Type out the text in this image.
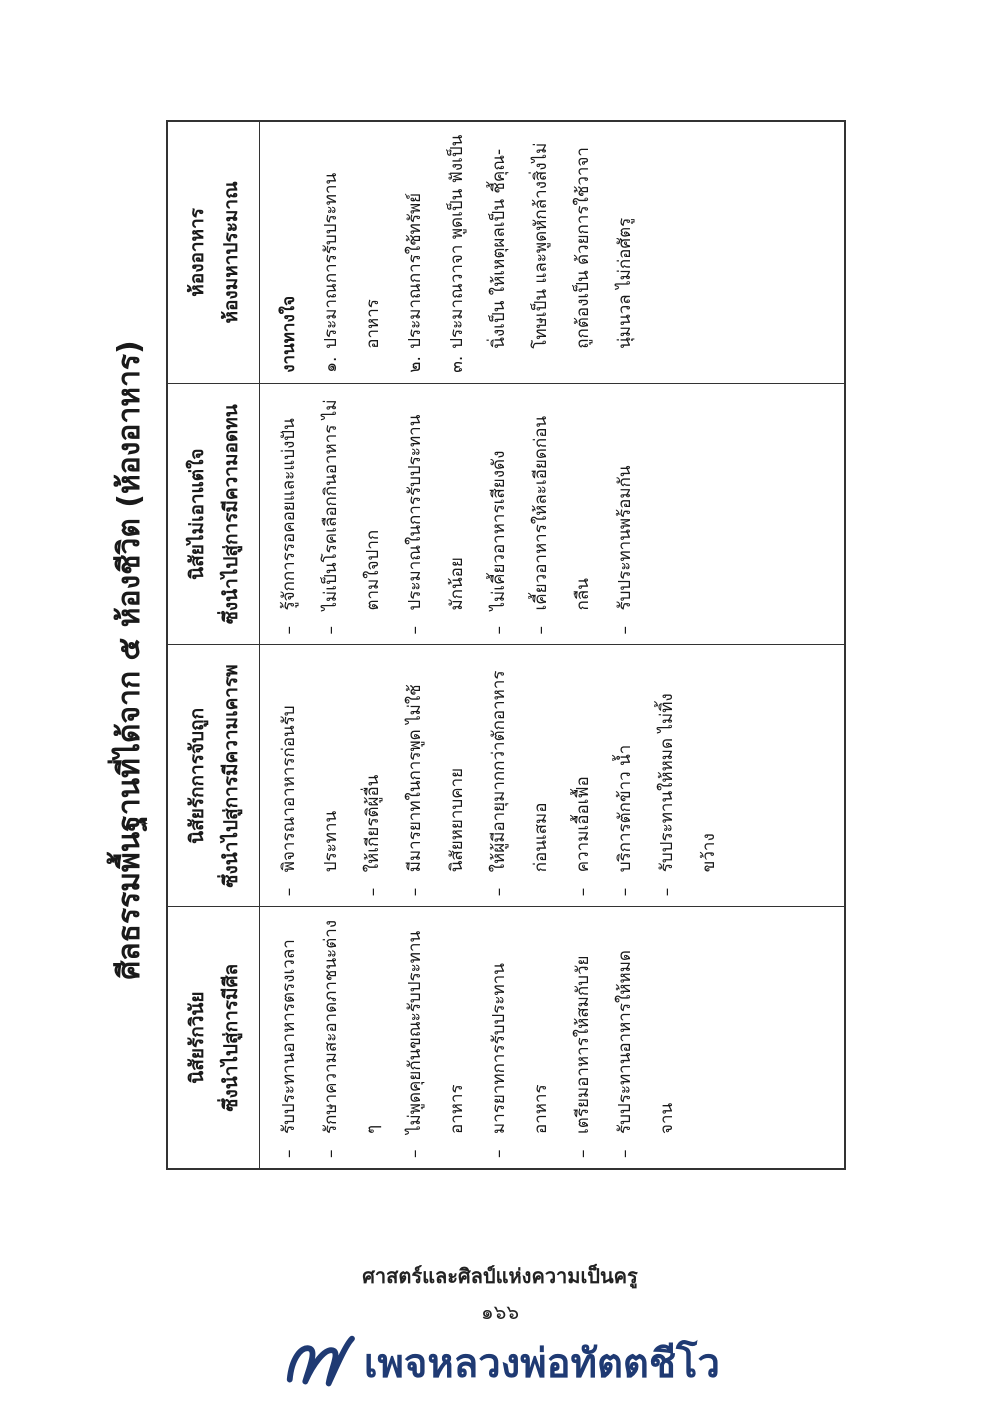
ศีลธรรมพื้นฐานที่ได้จาก ๕ ห้องชีวิต (ห้องอาหาร)
นิสัยรักวินัย ซึ่งนำไปสู่การมีศีล
–
รับประทานอาหารตรงเวลา
–
รักษาความสะอาดภาชนะต่าง ๆ
–
ไม่พูดคุยกันขณะรับประทานอาหาร
–
มารยาทการรับประทานอาหาร
–
เตรียมอาหารให้สมกับวัย
–
รับประทานอาหารให้หมดจาน
นิสัยรักการจับถูก ซึ่งนำไปสู่การมีความเคารพ
–
พิจารณาอาหารก่อนรับประทาน
–
ให้เกียรติผู้อื่น
–
มีมารยาทในการพูด ไม่ใช้นิสัยหยาบคาย
–
ให้ผู้มีอายุมากกว่าตักอาหารก่อนเสมอ
–
ความเอื้อเฟื้อ
–
บริการตักข้าว น้ำ
–
รับประทานให้หมด ไม่ทิ้งขว้าง
นิสัยไม่เอาแต่ใจ ซึ่งนำไปสู่การมีความอดทน
–
รู้จักการรอคอยและแบ่งปัน
–
ไม่เป็นโรคเลือกกินอาหาร ไม่ตามใจปาก
–
ประมาณในการรับประทานมักน้อย
–
ไม่เคี้ยวอาหารเสียงดัง
–
เคี้ยวอาหารให้ละเอียดก่อนกลืน
–
รับประทานพร้อมกัน
ห้องอาหาร ห้องมหาประมาณ
งานทางใจ	๑.
ประมาณการรับประทานอาหาร
๒.
ประมาณการใช้ทรัพย์
๓.
ประมาณวาจา พูดเป็น ฟังเป็น นิ่งเป็น ให้เหตุผลเป็น ชี้คุณ-โทษเป็น และพูดหักล้างสิ่งไม่ถูกต้องเป็น ด้วยการใช้วาจานุ่มนวล ไม่ก่อศัตรู
ศาสตร์และศิลป์แห่งความเป็นครู
๑๖๖
เพจหลวงพ่อทัตตชีโว
